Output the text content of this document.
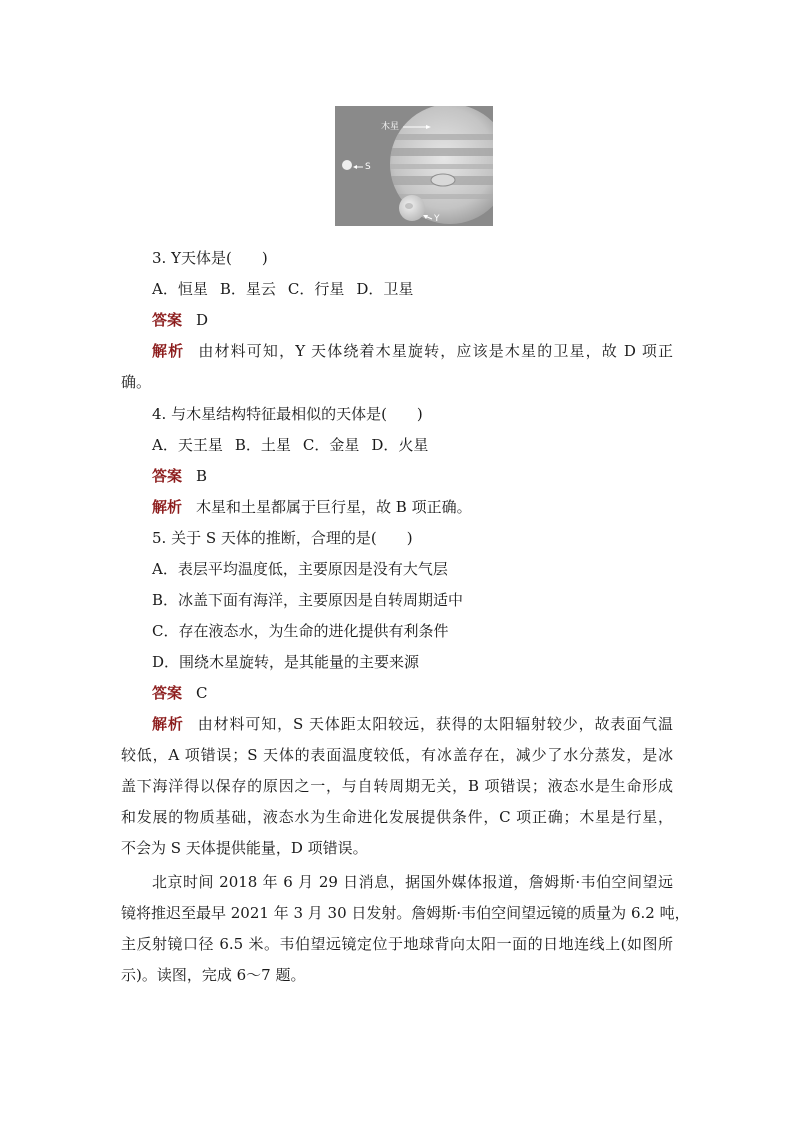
木星
S
Y
3. Y天体是(　　)
A．恒星 B．星云 C．行星 D．卫星
答案 D
解析 由材料可知，Y 天体绕着木星旋转，应该是木星的卫星，故 D 项正
确。
4. 与木星结构特征最相似的天体是(　　)
A．天王星 B．土星 C．金星 D．火星
答案 B
解析 木星和土星都属于巨行星，故 B 项正确。
5. 关于 S 天体的推断，合理的是(　　)
A．表层平均温度低，主要原因是没有大气层
B．冰盖下面有海洋，主要原因是自转周期适中
C．存在液态水，为生命的进化提供有利条件
D．围绕木星旋转，是其能量的主要来源
答案 C
解析 由材料可知，S 天体距太阳较远，获得的太阳辐射较少，故表面气温
较低，A 项错误；S 天体的表面温度较低，有冰盖存在，减少了水分蒸发，是冰
盖下海洋得以保存的原因之一，与自转周期无关，B 项错误；液态水是生命形成
和发展的物质基础，液态水为生命进化发展提供条件，C 项正确；木星是行星，
不会为 S 天体提供能量，D 项错误。
北京时间 2018 年 6 月 29 日消息，据国外媒体报道，詹姆斯·韦伯空间望远
镜将推迟至最早 2021 年 3 月 30 日发射。詹姆斯·韦伯空间望远镜的质量为 6.2 吨，
主反射镜口径 6.5 米。韦伯望远镜定位于地球背向太阳一面的日地连线上(如图所
示)。读图，完成 6～7 题。
